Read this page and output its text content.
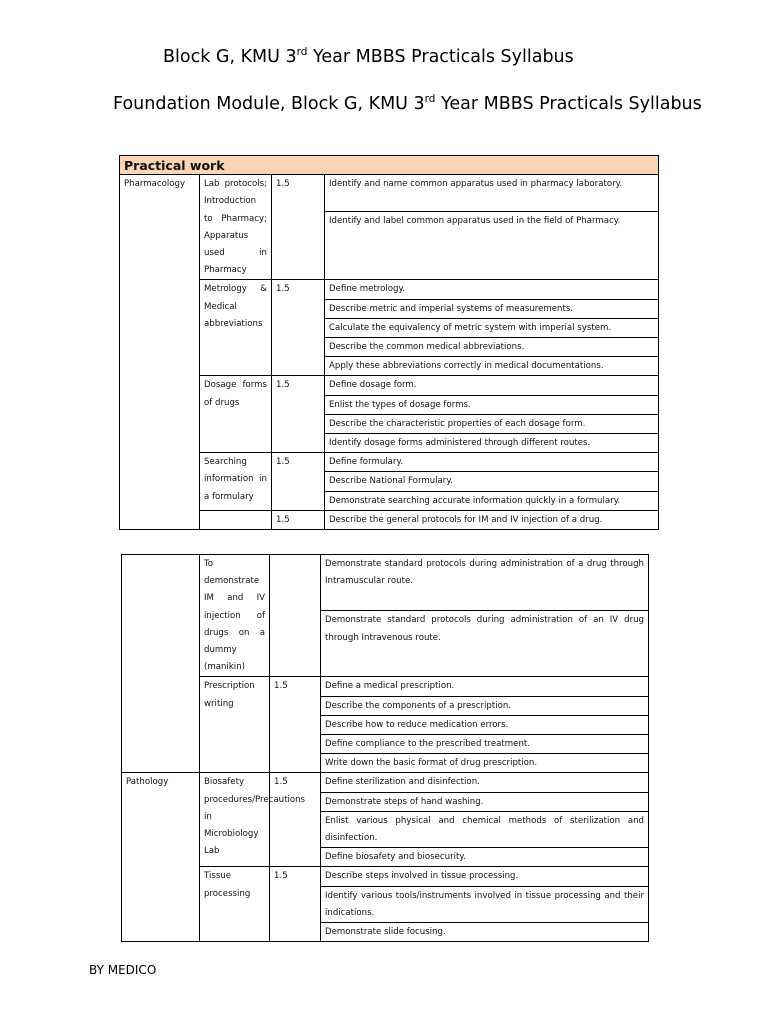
Block G, KMU 3rd Year MBBS Practicals Syllabus
Foundation Module, Block G, KMU 3rd Year MBBS Practicals Syllabus
Practical work			
Pharmacology	Lab protocols; Introduction to Pharmacy; Apparatus used in Pharmacy	1.5	Identify and name common apparatus used in pharmacy laboratory.
			Identify and label common apparatus used in the field of Pharmacy.
	Metrology & Medical abbreviations	1.5	Define metrology.
			Describe metric and imperial systems of measurements.
			Calculate the equivalency of metric system with imperial system.
			Describe the common medical abbreviations.
			Apply these abbreviations correctly in medical documentations.
	Dosage forms of drugs	1.5	Define dosage form.
			Enlist the types of dosage forms.
			Describe the characteristic properties of each dosage form.
			Identify dosage forms administered through different routes.
	Searching information in a formulary	1.5	Define formulary.
			Describe National Formulary.
			Demonstrate searching accurate information quickly in a formulary.
		1.5	Describe the general protocols for IM and IV injection of a drug.
	To demonstrate IM and IV injection of drugs on a dummy (manikin)		Demonstrate standard protocols during administration of a drug through Intramuscular route.
			Demonstrate standard protocols during administration of an IV drug through Intravenous route.
	Prescription writing	1.5	Define a medical prescription.
			Describe the components of a prescription.
			Describe how to reduce medication errors.
			Define compliance to the prescribed treatment.
			Write down the basic format of drug prescription.
Pathology	Biosafety procedures/Precautions in Microbiology Lab	1.5	Define sterilization and disinfection.
			Demonstrate steps of hand washing.
			Enlist various physical and chemical methods of sterilization and disinfection.
			Define biosafety and biosecurity.
	Tissue processing	1.5	Describe steps involved in tissue processing.
			Identify various tools/instruments involved in tissue processing and their indications.
			Demonstrate slide focusing.
BY MEDICO
